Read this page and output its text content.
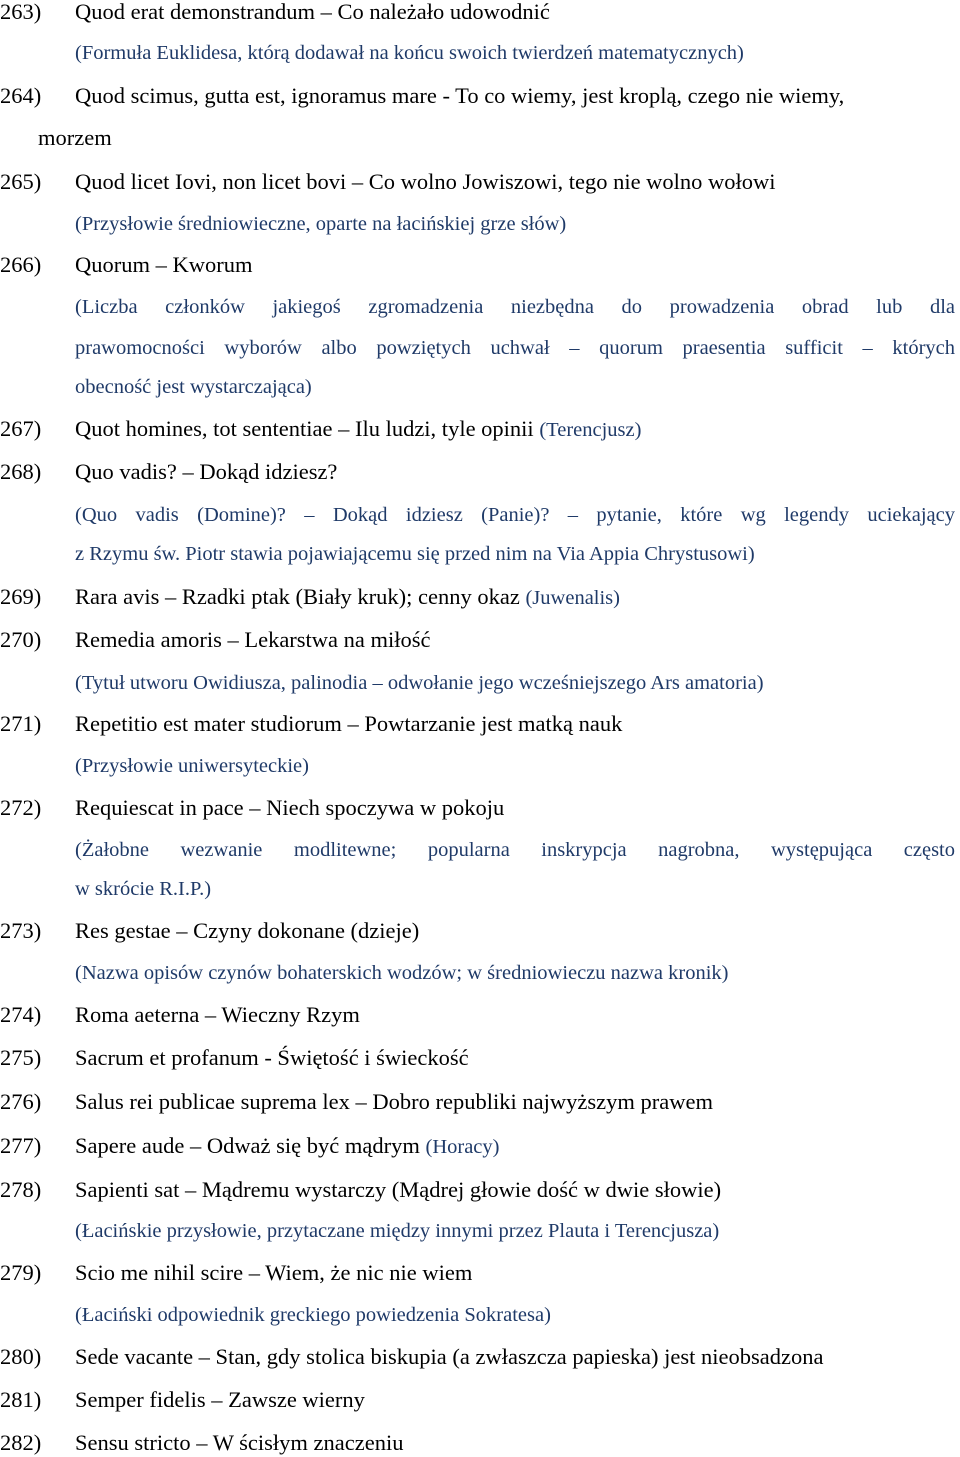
263) Quod erat demonstrandum – Co należało udowodnić
(Formuła Euklidesa, którą dodawał na końcu swoich twierdzeń matematycznych)
264) Quod scimus, gutta est, ignoramus mare - To co wiemy, jest kroplą, czego nie wiemy,
morzem
265) Quod licet Iovi, non licet bovi – Co wolno Jowiszowi, tego nie wolno wołowi
(Przysłowie średniowieczne, oparte na łacińskiej grze słów)
266) Quorum – Kworum
(Liczba członków jakiegoś zgromadzenia niezbędna do prowadzenia obrad lub dla
prawomocności wyborów albo powziętych uchwał – quorum praesentia sufficit – których
obecność jest wystarczająca)
267) Quot homines, tot sententiae – Ilu ludzi, tyle opinii (Terencjusz)
268) Quo vadis? – Dokąd idziesz?
(Quo vadis (Domine)? – Dokąd idziesz (Panie)? – pytanie, które wg legendy uciekający
z Rzymu św. Piotr stawia pojawiającemu się przed nim na Via Appia Chrystusowi)
269) Rara avis – Rzadki ptak (Biały kruk); cenny okaz (Juwenalis)
270) Remedia amoris – Lekarstwa na miłość
(Tytuł utworu Owidiusza, palinodia – odwołanie jego wcześniejszego Ars amatoria)
271) Repetitio est mater studiorum – Powtarzanie jest matką nauk
(Przysłowie uniwersyteckie)
272) Requiescat in pace – Niech spoczywa w pokoju
(Żałobne wezwanie modlitewne; popularna inskrypcja nagrobna, występująca często
w skrócie R.I.P.)
273) Res gestae – Czyny dokonane (dzieje)
(Nazwa opisów czynów bohaterskich wodzów; w średniowieczu nazwa kronik)
274) Roma aeterna – Wieczny Rzym
275) Sacrum et profanum - Świętość i świeckość
276) Salus rei publicae suprema lex – Dobro republiki najwyższym prawem
277) Sapere aude – Odważ się być mądrym (Horacy)
278) Sapienti sat – Mądremu wystarczy (Mądrej głowie dość w dwie słowie)
(Łacińskie przysłowie, przytaczane między innymi przez Plauta i Terencjusza)
279) Scio me nihil scire – Wiem, że nic nie wiem
(Łaciński odpowiednik greckiego powiedzenia Sokratesa)
280) Sede vacante – Stan, gdy stolica biskupia (a zwłaszcza papieska) jest nieobsadzona
281) Semper fidelis – Zawsze wierny
282) Sensu stricto – W ścisłym znaczeniu
